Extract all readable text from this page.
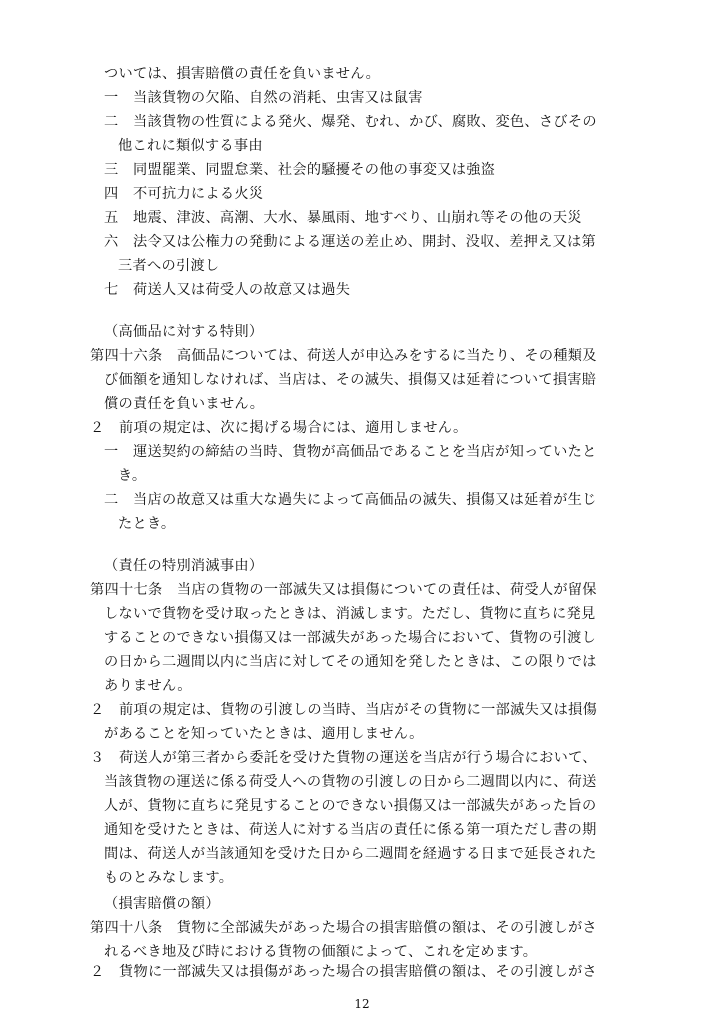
ついては、損害賠償の責任を負いません。
一　当該貨物の欠陥、自然の消耗、虫害又は鼠害
二　当該貨物の性質による発火、爆発、むれ、かび、腐敗、変色、さびその
他これに類似する事由
三　同盟罷業、同盟怠業、社会的騒擾その他の事変又は強盗
四　不可抗力による火災
五　地震、津波、高潮、大水、暴風雨、地すべり、山崩れ等その他の天災
六　法令又は公権力の発動による運送の差止め、開封、没収、差押え又は第
三者への引渡し
七　荷送人又は荷受人の故意又は過失
（高価品に対する特則）
第四十六条　高価品については、荷送人が申込みをするに当たり、その種類及
び価額を通知しなければ、当店は、その滅失、損傷又は延着について損害賠
償の責任を負いません。
２　前項の規定は、次に掲げる場合には、適用しません。
一　運送契約の締結の当時、貨物が高価品であることを当店が知っていたと
き。
二　当店の故意又は重大な過失によって高価品の滅失、損傷又は延着が生じ
たとき。
（責任の特別消滅事由）
第四十七条　当店の貨物の一部滅失又は損傷についての責任は、荷受人が留保
しないで貨物を受け取ったときは、消滅します。ただし、貨物に直ちに発見
することのできない損傷又は一部滅失があった場合において、貨物の引渡し
の日から二週間以内に当店に対してその通知を発したときは、この限りでは
ありません。
２　前項の規定は、貨物の引渡しの当時、当店がその貨物に一部滅失又は損傷
があることを知っていたときは、適用しません。
３　荷送人が第三者から委託を受けた貨物の運送を当店が行う場合において、
当該貨物の運送に係る荷受人への貨物の引渡しの日から二週間以内に、荷送
人が、貨物に直ちに発見することのできない損傷又は一部滅失があった旨の
通知を受けたときは、荷送人に対する当店の責任に係る第一項ただし書の期
間は、荷送人が当該通知を受けた日から二週間を経過する日まで延長された
ものとみなします。
（損害賠償の額）
第四十八条　貨物に全部滅失があった場合の損害賠償の額は、その引渡しがさ
れるべき地及び時における貨物の価額によって、これを定めます。
２　貨物に一部滅失又は損傷があった場合の損害賠償の額は、その引渡しがさ
12
